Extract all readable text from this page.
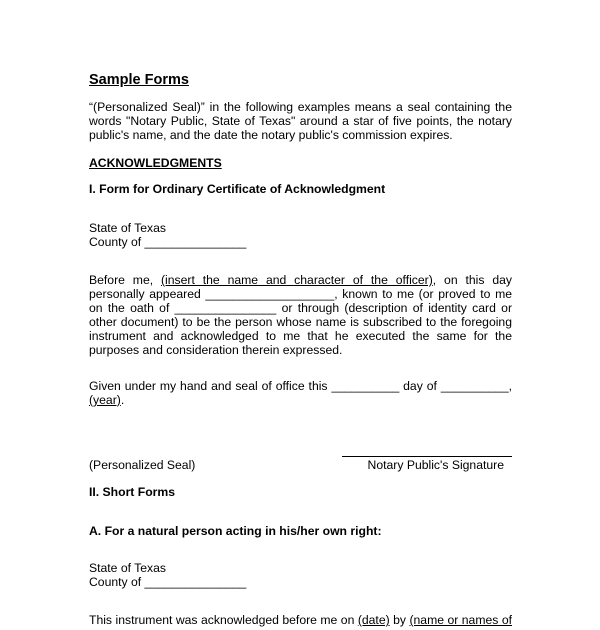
Sample Forms
“(Personalized Seal)” in the following examples means a seal containing the words "Notary Public, State of Texas" around a star of five points, the notary public's name, and the date the notary public's commission expires.
ACKNOWLEDGMENTS
I. Form for Ordinary Certificate of Acknowledgment
State of Texas
County of _______________
Before me, (insert the name and character of the officer), on this day personally appeared ___________________, known to me (or proved to me on the oath of _______________ or through (description of identity card or other document) to be the person whose name is subscribed to the foregoing instrument and acknowledged to me that he executed the same for the purposes and consideration therein expressed.
Given under my hand and seal of office this __________ day of __________,
(year).
(Personalized Seal)	Notary Public's Signature
II. Short Forms
A. For a natural person acting in his/her own right:
State of Texas
County of _______________
This instrument was acknowledged before me on (date) by (name or names of
